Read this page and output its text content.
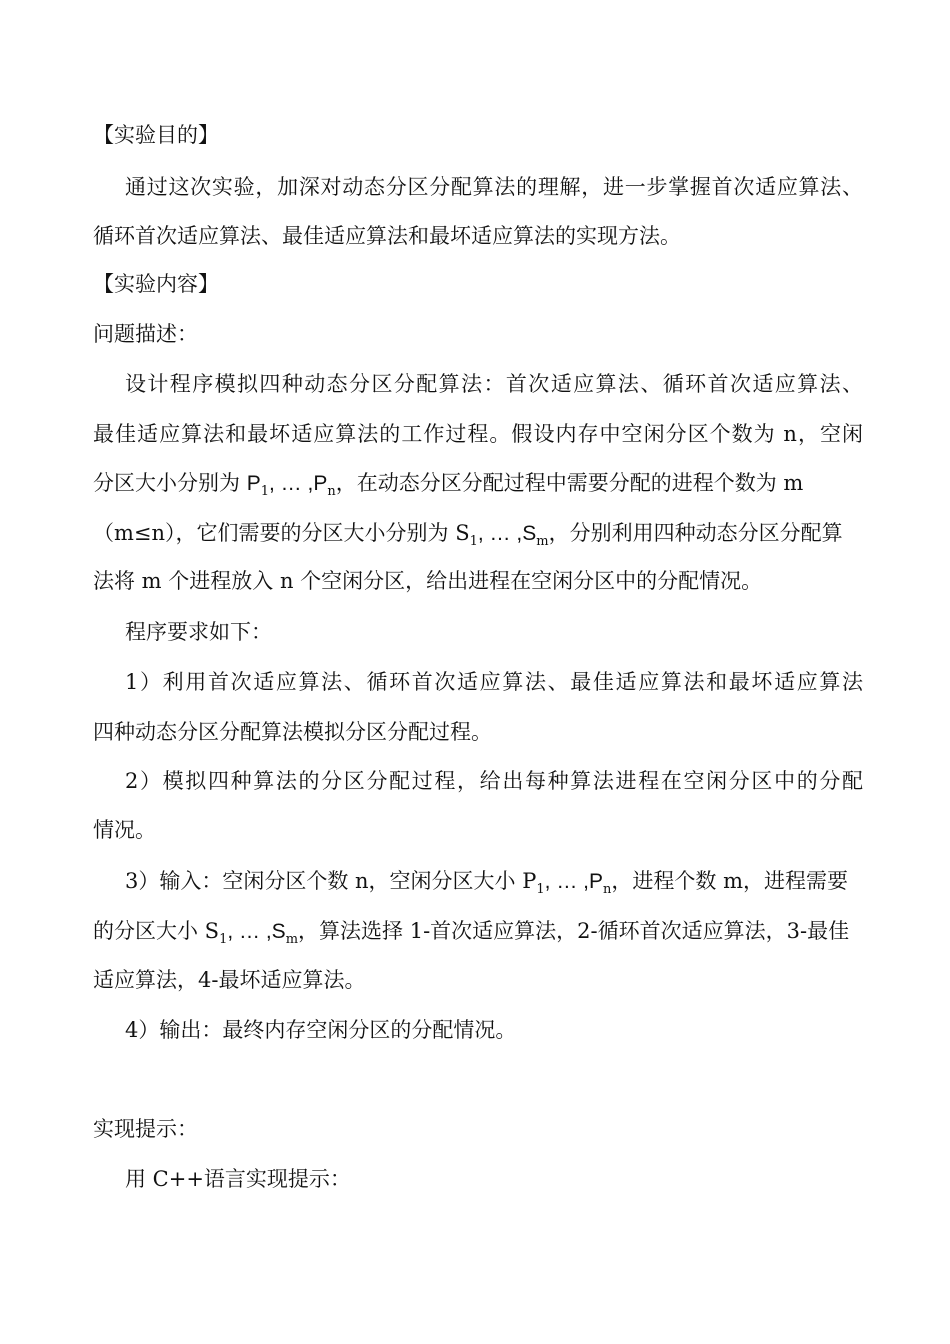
【实验目的】
通过这次实验，加深对动态分区分配算法的理解，进一步掌握首次适应算法、
循环首次适应算法、最佳适应算法和最坏适应算法的实现方法。
【实验内容】
问题描述：
设计程序模拟四种动态分区分配算法：首次适应算法、循环首次适应算法、
最佳适应算法和最坏适应算法的工作过程。假设内存中空闲分区个数为 n，空闲
分区大小分别为 $P_1$, … $,P_n$，在动态分区分配过程中需要分配的进程个数为 m
（m≤n），它们需要的分区大小分别为 $S_1$, … $,S_m$，分别利用四种动态分区分配算
法将 m 个进程放入 n 个空闲分区，给出进程在空闲分区中的分配情况。
程序要求如下：
1）利用首次适应算法、循环首次适应算法、最佳适应算法和最坏适应算法
四种动态分区分配算法模拟分区分配过程。
2）模拟四种算法的分区分配过程，给出每种算法进程在空闲分区中的分配
情况。
3）输入：空闲分区个数 n，空闲分区大小 $P_1$, … $,P_n$，进程个数 m，进程需要
的分区大小 $S_1$, … $,S_m$，算法选择 1-首次适应算法，2-循环首次适应算法，3-最佳
适应算法，4-最坏适应算法。
4）输出：最终内存空闲分区的分配情况。
实现提示：
用 C++语言实现提示：
